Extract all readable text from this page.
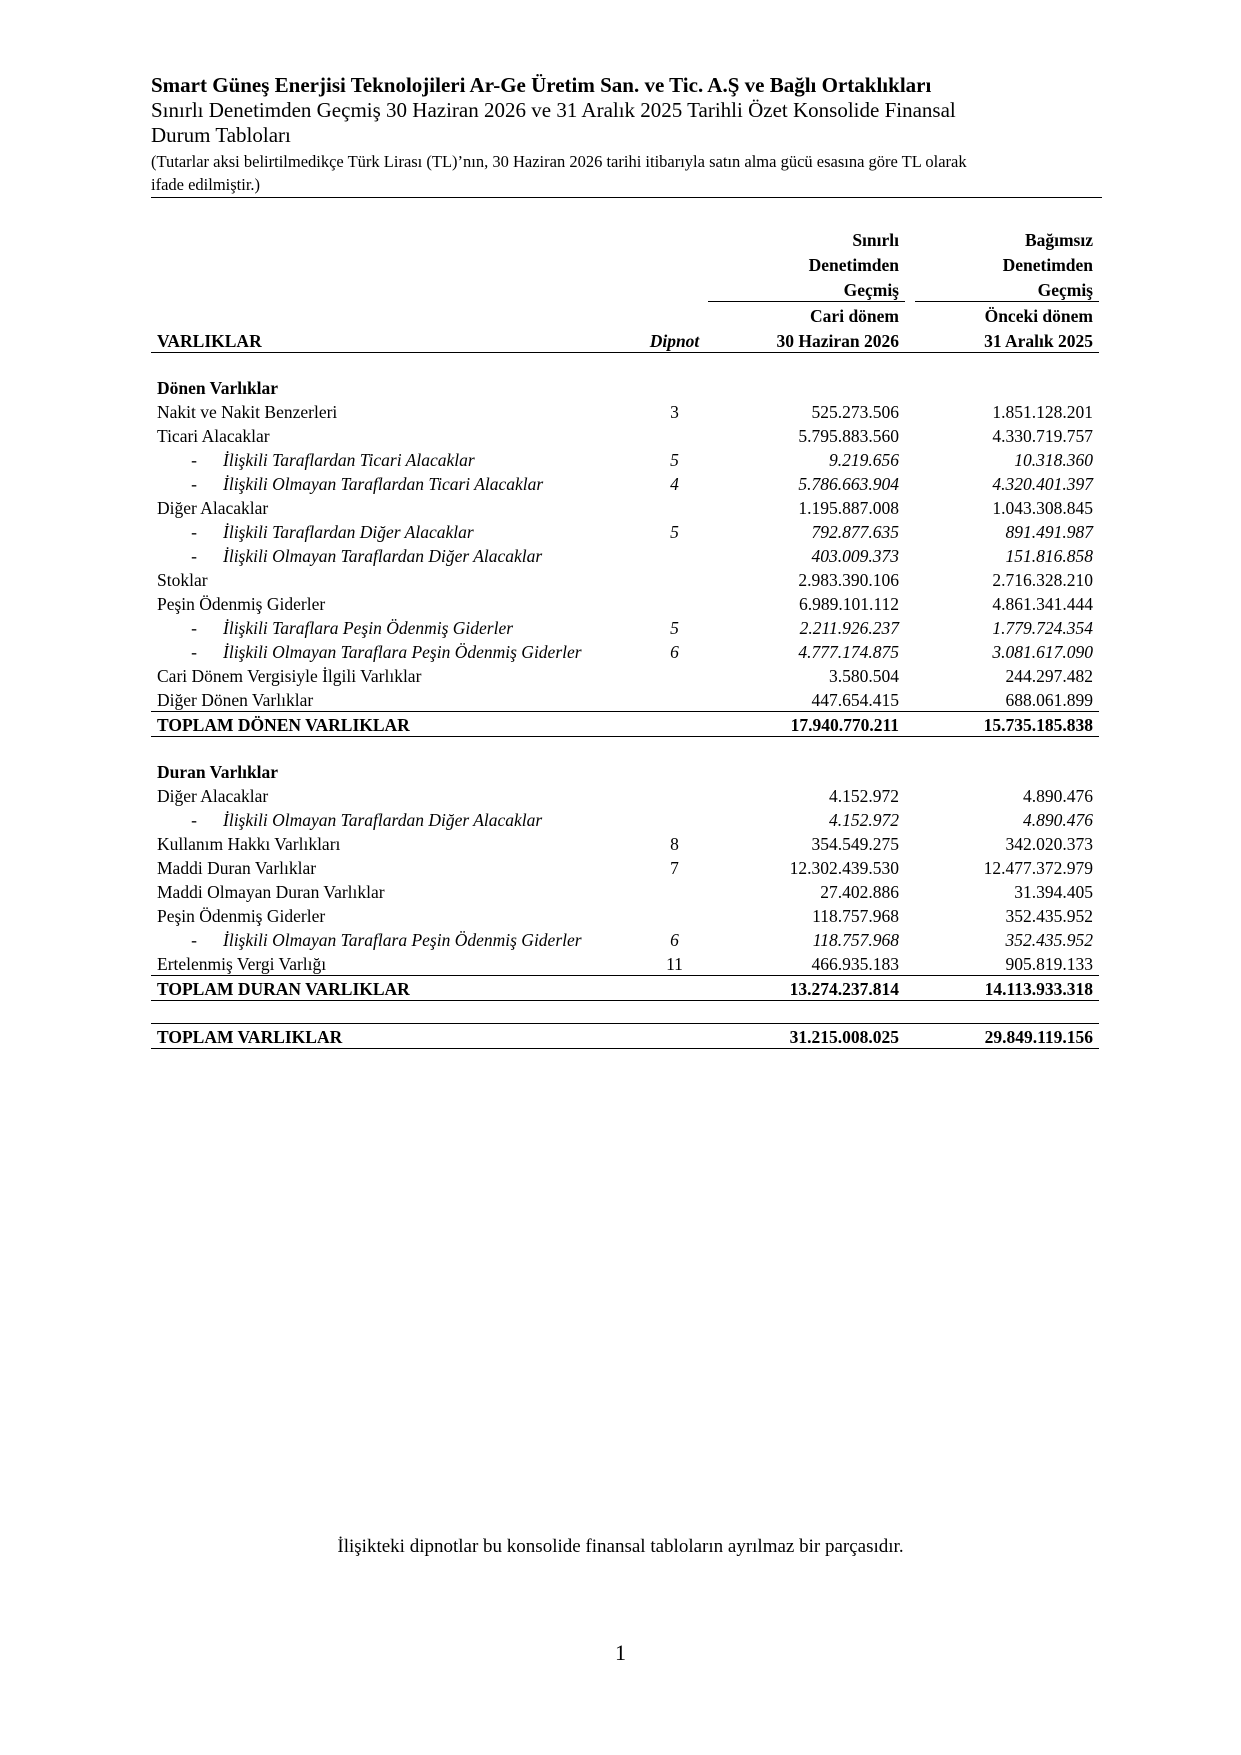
Smart Güneş Enerjisi Teknolojileri Ar-Ge Üretim San. ve Tic. A.Ş ve Bağlı Ortaklıkları
Sınırlı Denetimden Geçmiş 30 Haziran 2026 ve 31 Aralık 2025 Tarihli Özet Konsolide Finansal
Durum Tabloları
(Tutarlar aksi belirtilmedikçe Türk Lirası (TL)’nın, 30 Haziran 2026 tarihi itibarıyla satın alma gücü esasına göre TL olarak
ifade edilmiştir.)
		Sınırlı		Bağımsız
		Denetimden		Denetimden
		Geçmiş		Geçmiş
		Cari dönem		Önceki dönem
VARLIKLAR	Dipnot	30 Haziran 2026		31 Aralık 2025

Dönen Varlıklar				
Nakit ve Nakit Benzerleri	3	525.273.506		1.851.128.201
Ticari Alacaklar		5.795.883.560		4.330.719.757
- İlişkili Taraflardan Ticari Alacaklar	5	9.219.656		10.318.360
- İlişkili Olmayan Taraflardan Ticari Alacaklar	4	5.786.663.904		4.320.401.397
Diğer Alacaklar		1.195.887.008		1.043.308.845
- İlişkili Taraflardan Diğer Alacaklar	5	792.877.635		891.491.987
- İlişkili Olmayan Taraflardan Diğer Alacaklar		403.009.373		151.816.858
Stoklar		2.983.390.106		2.716.328.210
Peşin Ödenmiş Giderler		6.989.101.112		4.861.341.444
- İlişkili Taraflara Peşin Ödenmiş Giderler	5	2.211.926.237		1.779.724.354
- İlişkili Olmayan Taraflara Peşin Ödenmiş Giderler	6	4.777.174.875		3.081.617.090
Cari Dönem Vergisiyle İlgili Varlıklar		3.580.504		244.297.482
Diğer Dönen Varlıklar		447.654.415		688.061.899
TOPLAM DÖNEN VARLIKLAR		17.940.770.211		15.735.185.838

Duran Varlıklar				
Diğer Alacaklar		4.152.972		4.890.476
- İlişkili Olmayan Taraflardan Diğer Alacaklar		4.152.972		4.890.476
Kullanım Hakkı Varlıkları	8	354.549.275		342.020.373
Maddi Duran Varlıklar	7	12.302.439.530		12.477.372.979
Maddi Olmayan Duran Varlıklar		27.402.886		31.394.405
Peşin Ödenmiş Giderler		118.757.968		352.435.952
- İlişkili Olmayan Taraflara Peşin Ödenmiş Giderler	6	118.757.968		352.435.952
Ertelenmiş Vergi Varlığı	11	466.935.183		905.819.133
TOPLAM DURAN VARLIKLAR		13.274.237.814		14.113.933.318

TOPLAM VARLIKLAR		31.215.008.025		29.849.119.156
İlişikteki dipnotlar bu konsolide finansal tabloların ayrılmaz bir parçasıdır.
1
